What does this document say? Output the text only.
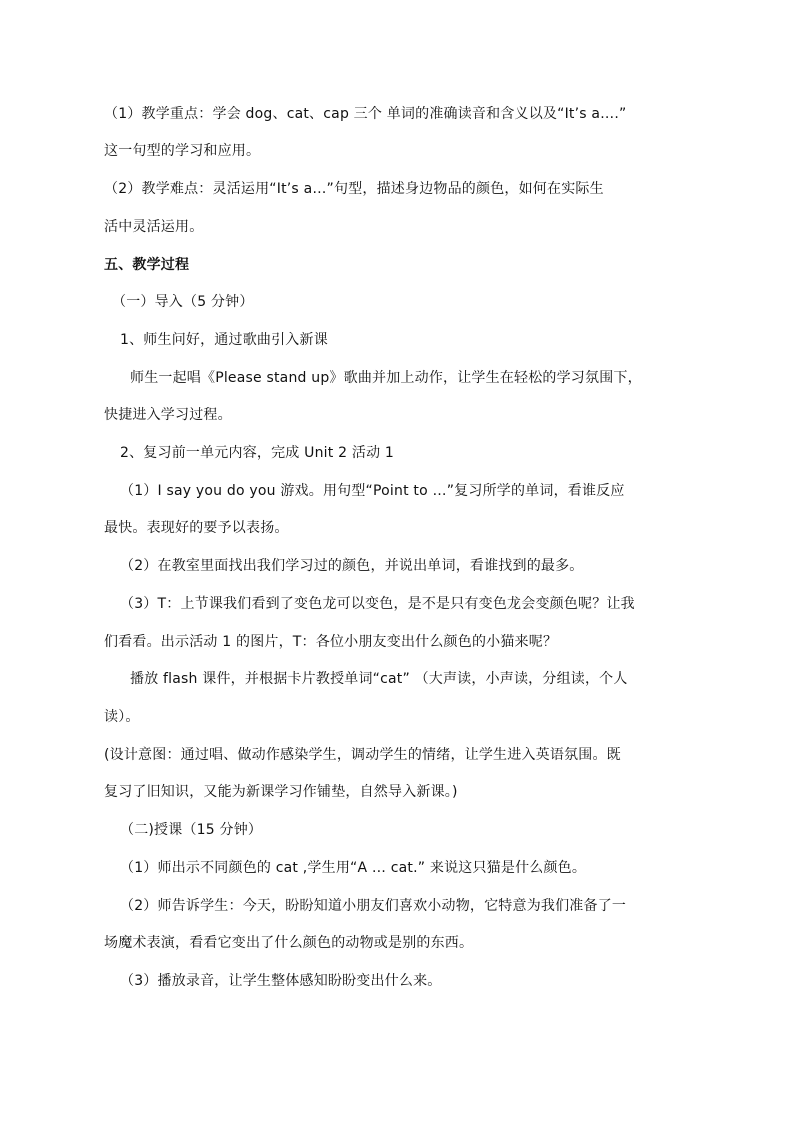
（1）教学重点：学会 dog、cat、cap 三个 单词的准确读音和含义以及“It’s a….”
这一句型的学习和应用。
（2）教学难点：灵活运用“It’s a…”句型，描述身边物品的颜色，如何在实际生
活中灵活运用。
五、教学过程
（一）导入（5 分钟）
1、师生问好，通过歌曲引入新课
师生一起唱《Please stand up》歌曲并加上动作，让学生在轻松的学习氛围下，
快捷进入学习过程。
2、复习前一单元内容，完成 Unit 2 活动 1
（1）I say you do you 游戏。用句型“Point to …”复习所学的单词，看谁反应
最快。表现好的要予以表扬。
（2）在教室里面找出我们学习过的颜色，并说出单词，看谁找到的最多。
（3）T：上节课我们看到了变色龙可以变色，是不是只有变色龙会变颜色呢？让我
们看看。出示活动 1 的图片，T：各位小朋友变出什么颜色的小猫来呢？
播放 flash 课件，并根据卡片教授单词“cat” （大声读，小声读，分组读，个人
读）。
(设计意图：通过唱、做动作感染学生，调动学生的情绪，让学生进入英语氛围。既
复习了旧知识，又能为新课学习作铺垫，自然导入新课。)
（二)授课（15 分钟）
（1）师出示不同颜色的 cat ,学生用“A … cat.” 来说这只猫是什么颜色。
（2）师告诉学生：今天，盼盼知道小朋友们喜欢小动物，它特意为我们准备了一
场魔术表演，看看它变出了什么颜色的动物或是别的东西。
（3）播放录音，让学生整体感知盼盼变出什么来。
